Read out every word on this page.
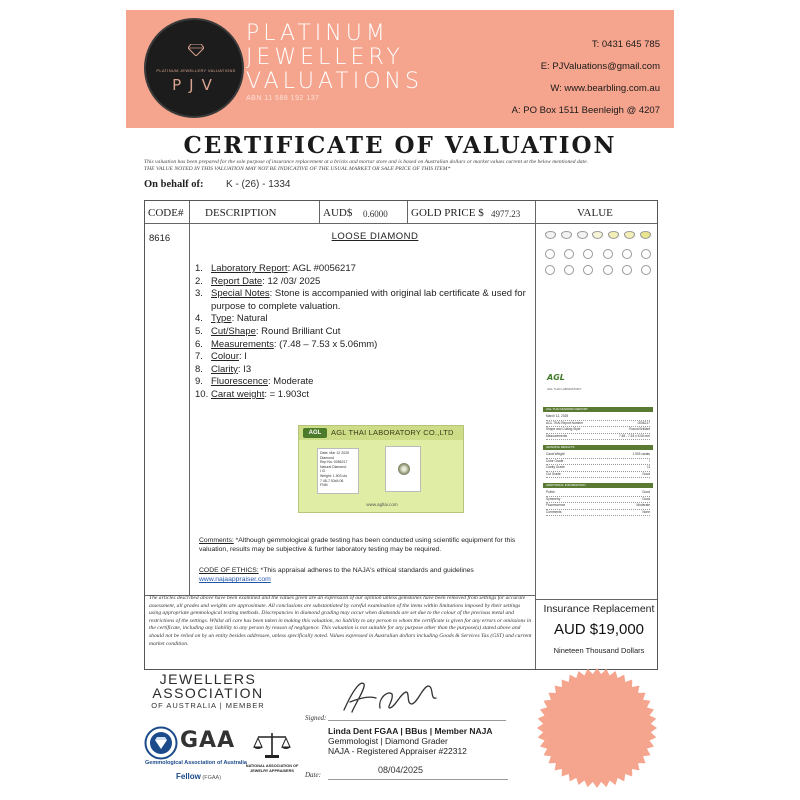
PLATINUM JEWELLERY VALUATIONS
PJV
PLATINUM
JEWELLERY
VALUATIONS
ABN 11 588 192 137
T: 0431 645 785
E: PJValuations@gmail.com
W: www.bearbling.com.au
A: PO Box 1511 Beenleigh @ 4207
CERTIFICATE OF VALUATION
This valuation has been prepared for the sole purpose of insurance replacement at a bricks and mortar store and is based on Australian dollars or market values current at the below mentioned date.
THE VALUE NOTED IN THIS VALUATION MAY NOT BE INDICATIVE OF THE USUAL MARKET OR SALE PRICE OF THIS ITEM*
On behalf of: K - (26) - 1334
CODE# DESCRIPTION	AUD$ 0.6000 GOLD PRICE $ 4977.23	VALUE
8616	LOOSE DIAMOND
1. Laboratory Report: AGL #0056217
2. Report Date: 12 /03/ 2025
3. Special Notes: Stone is accompanied with original lab certificate & used for purpose to complete valuation.
4. Type: Natural
5. Cut/Shape: Round Brilliant Cut
6. Measurements: (7.48 – 7.53 x 5.06mm)
7. Colour: I
8. Clarity: I3
9. Fluorescence: Moderate
10. Carat weight: = 1.903ct
AGL	AGL THAI LABORATORY CO.,LTD
Date: Mar 12 2025
Diamond
Rep No: 0056217
Natural Diamond
I I3
Weight: 1.903 cts
7.48-7.53x5.06
FNM
www.agltai.com
Comments: *Although gemmological grade testing has been conducted using scientific equipment for this valuation, results may be subjective & further laboratory testing may be required.
CODE OF ETHICS: *This appraisal adheres to the NAJA's ethical standards and guidelines
www.najaappraiser.com
The articles described above have been examined and the values given are an expression of our opinion unless gemstones have been removed from settings for accurate assessment, all grades and weights are approximate. All conclusions are substantiated by careful examination of the items within limitations imposed by their settings using appropriate gemmological testing methods. Discrepancies in diamond grading may occur when diamonds are set due to the colour of the precious metal and restrictions of the settings. Whilst all care has been taken in making this valuation, no liability to any person to whom the certificate is given for any errors or omissions in the certificate, including any liability to any person by reason of negligence. This valuation is not suitable for any purpose other than the purpose(s) stated above and should not be relied on by an entity besides addressee, unless specifically noted. Values expressed in Australian dollars including Goods & Services Tax (GST) and current market condition.
Insurance Replacement
AUD $19,000
Nineteen Thousand Dollars
AGL
AGL THAI LABORATORY
AGL THAI DIAMOND REPORT
March 12, 2025
AGL THAI Report Number	0056217
Shape and Cutting Style	Round Brilliant
Measurements	7.48 - 7.53 x 5.06 mm
GRADING RESULTS
Carat Weight	1.903 carats
Color Grade	I
Clarity Grade	I3
Cut Grade	Good
ADDITIONAL INFORMATION
Polish	Good
Symmetry	Good
Fluorescence	Moderate
Comments	None
JEWELLERS
ASSOCIATION
OF AUSTRALIA | MEMBER
GAA
Gemmological Association of Australia
Fellow (FGAA)
NATIONAL ASSOCIATION OF
JEWELRY APPRAISERS
Signed:
Linda Dent FGAA | BBus | Member NAJA
Gemmologist | Diamond Grader
NAJA - Registered Appraiser #22312
Date:	08/04/2025
